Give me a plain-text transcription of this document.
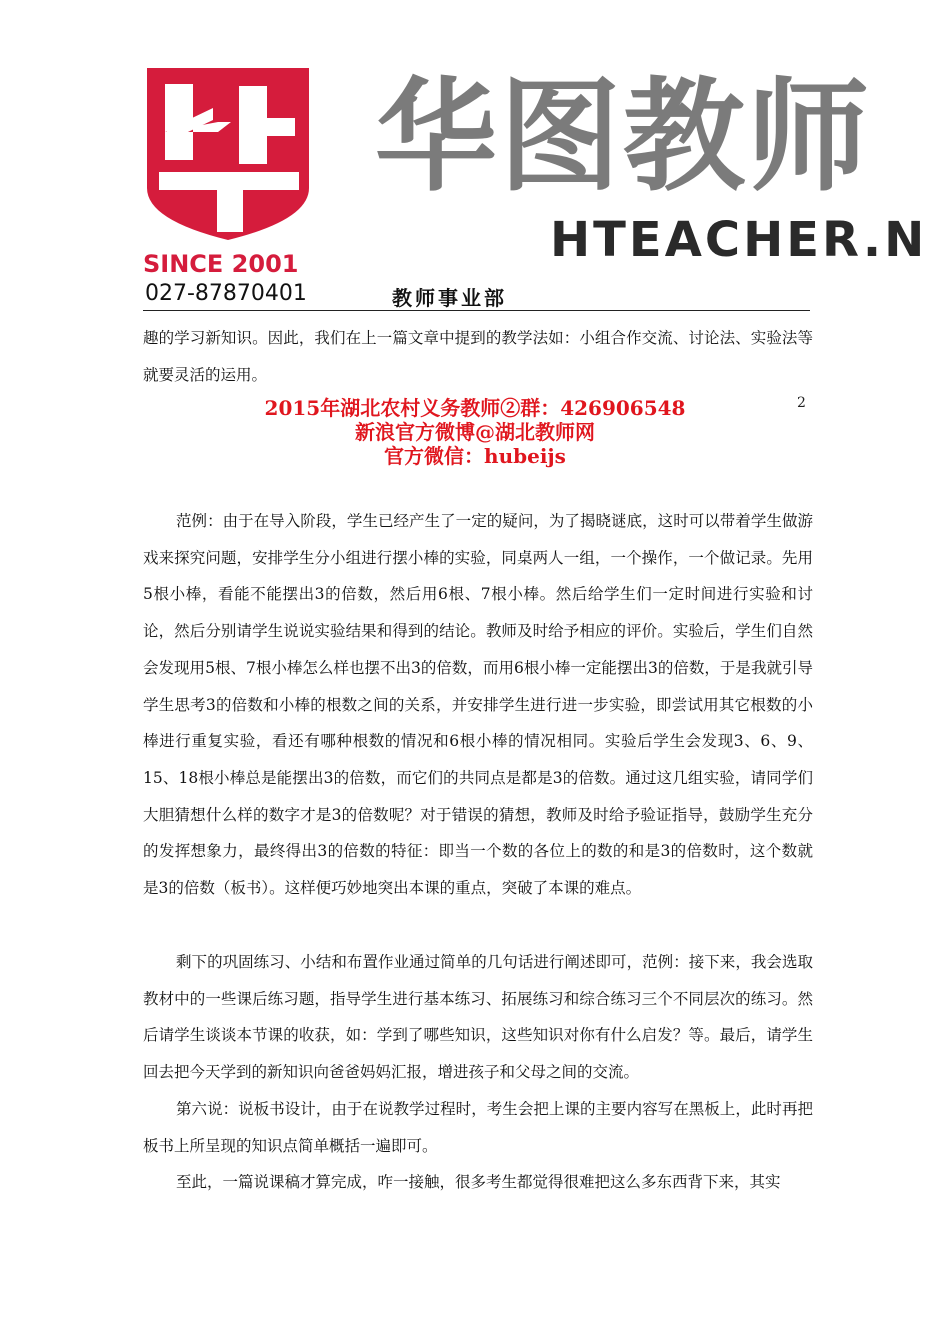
SINCE 2001
华图教师
HTEACHER.N
027-87870401	教师事业部

趣的学习新知识。因此，我们在上一篇文章中提到的教学法如：小组合作交流、讨论法、实验法等就要灵活的运用。

2
2015年湖北农村义务教师②群：426906548
新浪官方微博@湖北教师网
官方微信：hubeijs

范例：由于在导入阶段，学生已经产生了一定的疑问，为了揭晓谜底，这时可以带着学生做游戏来探究问题，安排学生分小组进行摆小棒的实验，同桌两人一组，一个操作，一个做记录。先用5根小棒，看能不能摆出3的倍数，然后用6根、7根小棒。然后给学生们一定时间进行实验和讨论，然后分别请学生说说实验结果和得到的结论。教师及时给予相应的评价。实验后，学生们自然会发现用5根、7根小棒怎么样也摆不出3的倍数，而用6根小棒一定能摆出3的倍数，于是我就引导学生思考3的倍数和小棒的根数之间的关系，并安排学生进行进一步实验，即尝试用其它根数的小棒进行重复实验，看还有哪种根数的情况和6根小棒的情况相同。实验后学生会发现3、6、9、15、18根小棒总是能摆出3的倍数，而它们的共同点是都是3的倍数。通过这几组实验，请同学们大胆猜想什么样的数字才是3的倍数呢？对于错误的猜想，教师及时给予验证指导，鼓励学生充分的发挥想象力，最终得出3的倍数的特征：即当一个数的各位上的数的和是3的倍数时，这个数就是3的倍数（板书）。这样便巧妙地突出本课的重点，突破了本课的难点。

剩下的巩固练习、小结和布置作业通过简单的几句话进行阐述即可，范例：接下来，我会选取教材中的一些课后练习题，指导学生进行基本练习、拓展练习和综合练习三个不同层次的练习。然后请学生谈谈本节课的收获，如：学到了哪些知识，这些知识对你有什么启发？等。最后，请学生回去把今天学到的新知识向爸爸妈妈汇报，增进孩子和父母之间的交流。

第六说：说板书设计，由于在说教学过程时，考生会把上课的主要内容写在黑板上，此时再把板书上所呈现的知识点简单概括一遍即可。

至此，一篇说课稿才算完成，咋一接触，很多考生都觉得很难把这么多东西背下来，其实
